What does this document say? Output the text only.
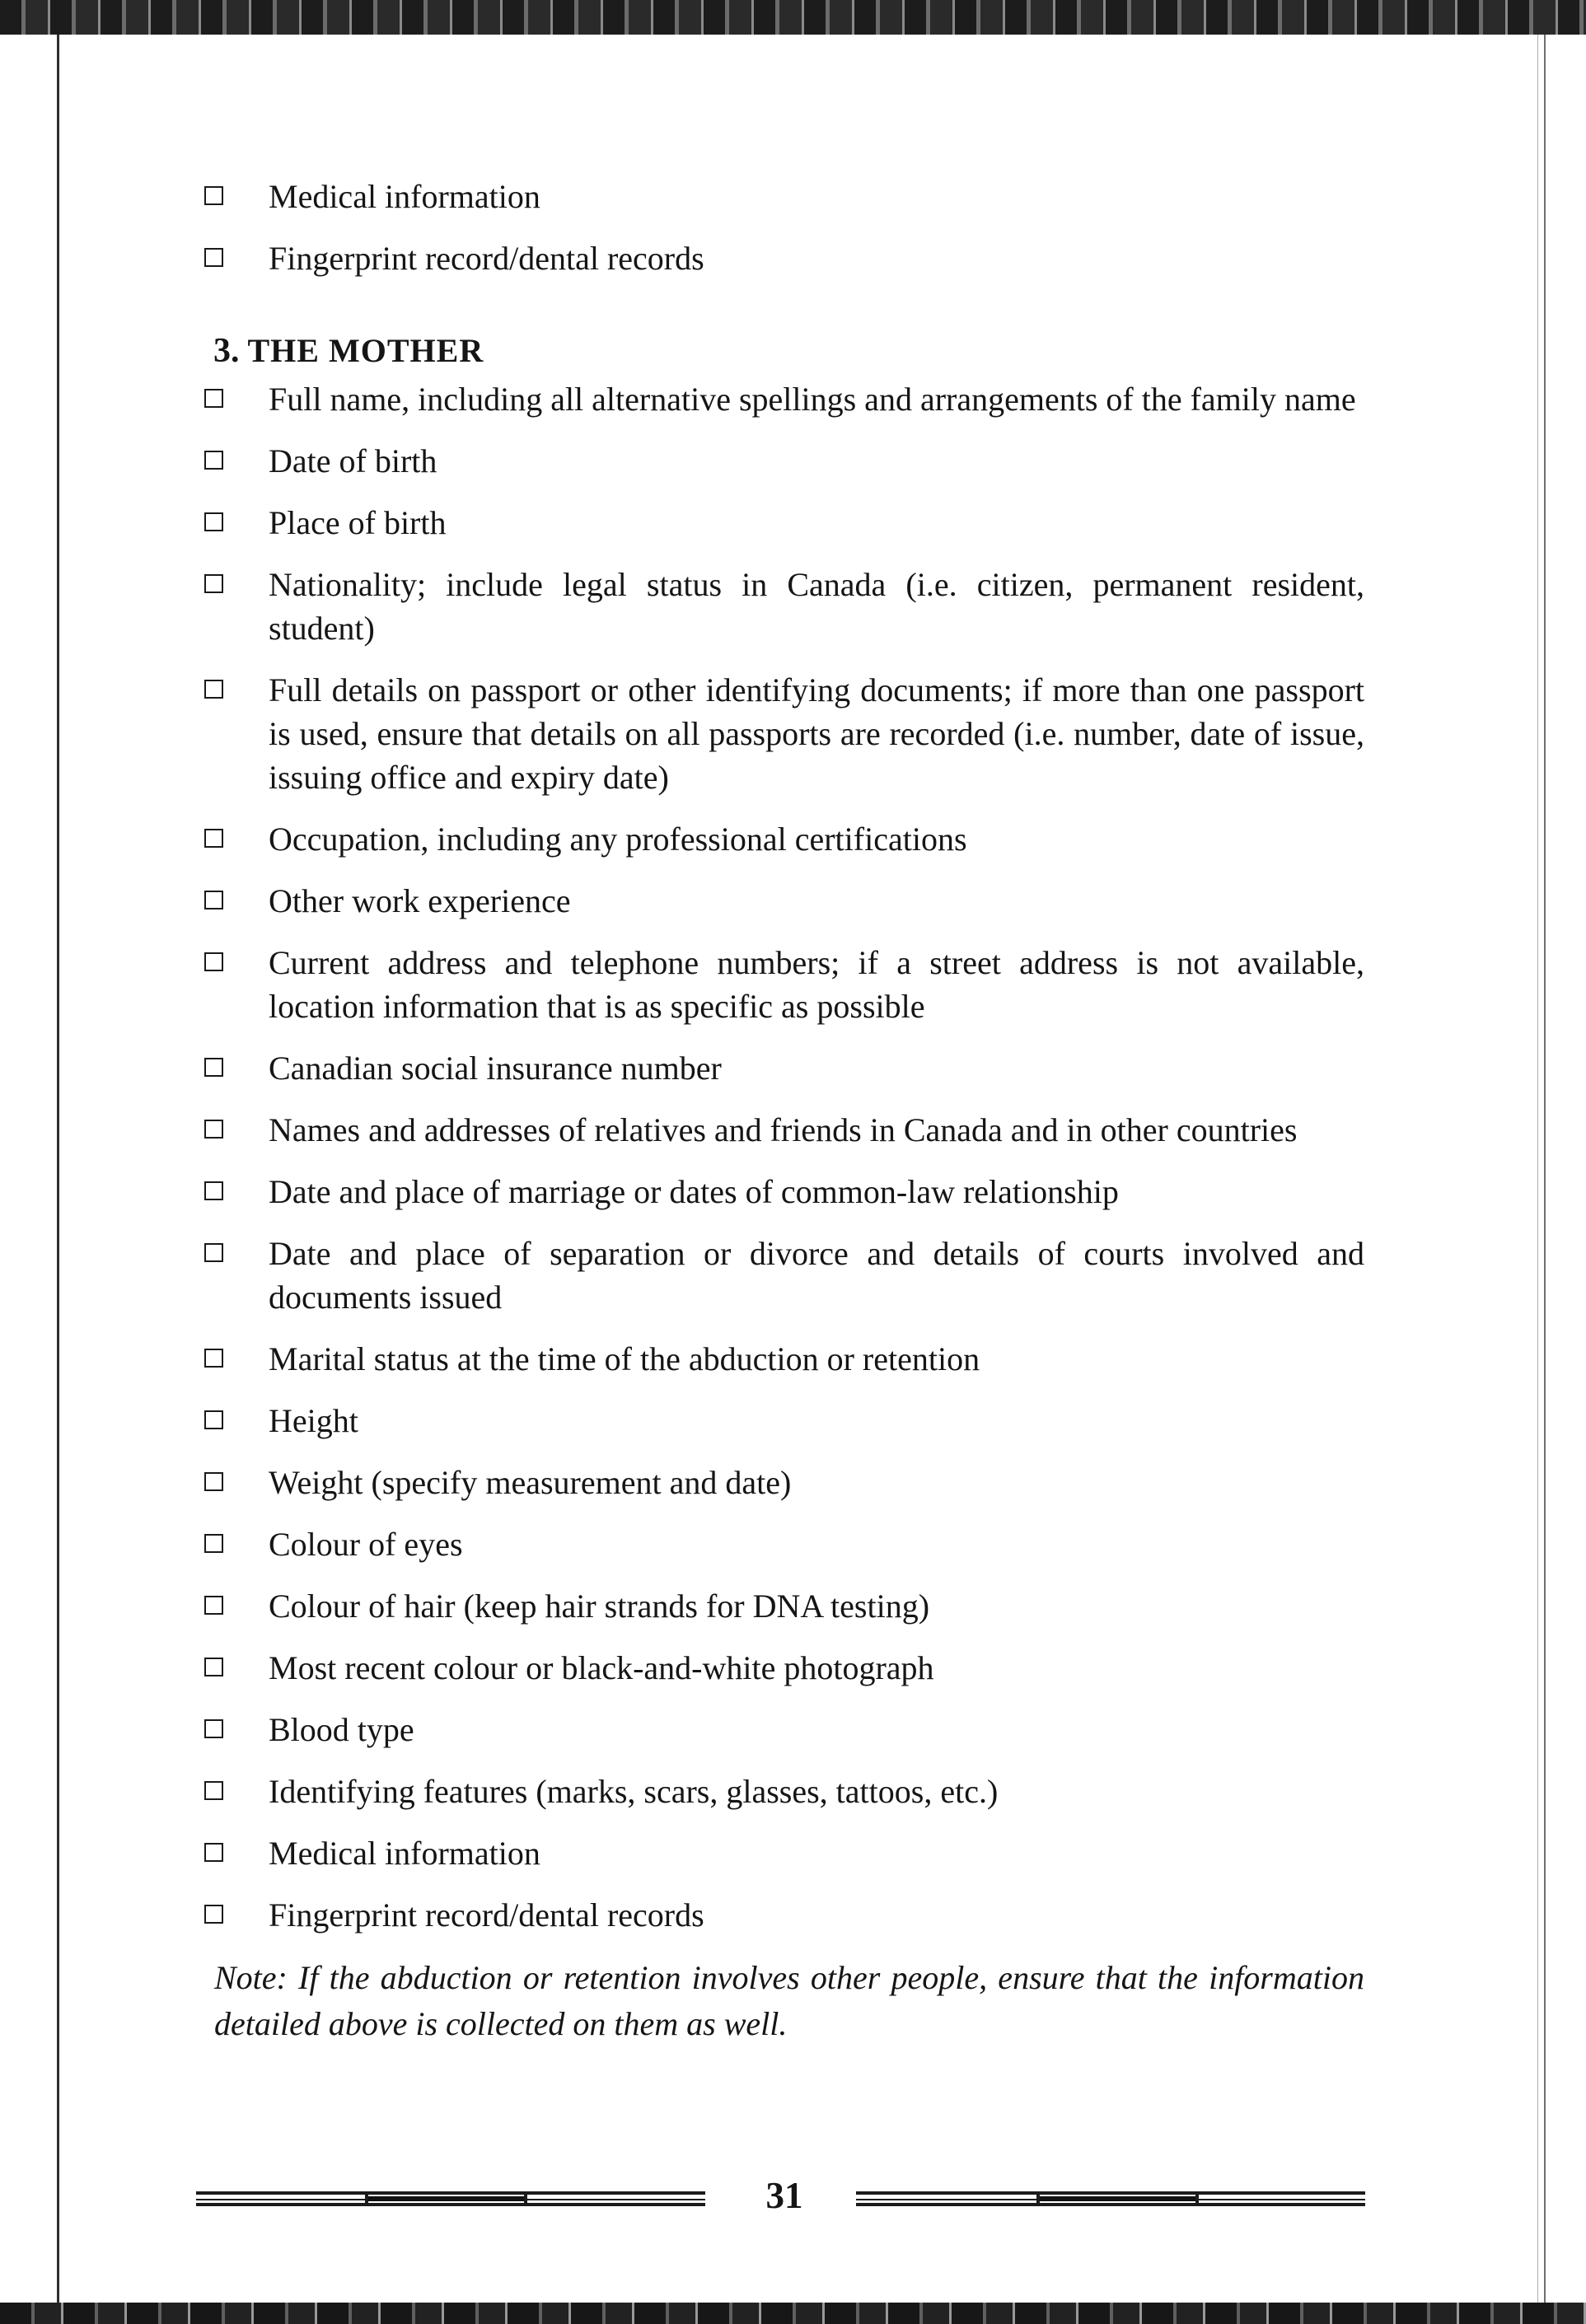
Medical information
Fingerprint record/dental records
3. THE MOTHER
Full name, including all alternative spellings and arrangements of the family name
Date of birth
Place of birth
Nationality; include legal status in Canada (i.e. citizen, permanent resident, student)
Full details on passport or other identifying documents; if more than one passport is used, ensure that details on all passports are recorded (i.e. number, date of issue, issuing office and expiry date)
Occupation, including any professional certifications
Other work experience
Current address and telephone numbers; if a street address is not available, location information that is as specific as possible
Canadian social insurance number
Names and addresses of relatives and friends in Canada and in other countries
Date and place of marriage or dates of common-law relationship
Date and place of separation or divorce and details of courts involved and documents issued
Marital status at the time of the abduction or retention
Height
Weight (specify measurement and date)
Colour of eyes
Colour of hair (keep hair strands for DNA testing)
Most recent colour or black-and-white photograph
Blood type
Identifying features (marks, scars, glasses, tattoos, etc.)
Medical information
Fingerprint record/dental records

Note: If the abduction or retention involves other people, ensure that the information detailed above is collected on them as well.

31
